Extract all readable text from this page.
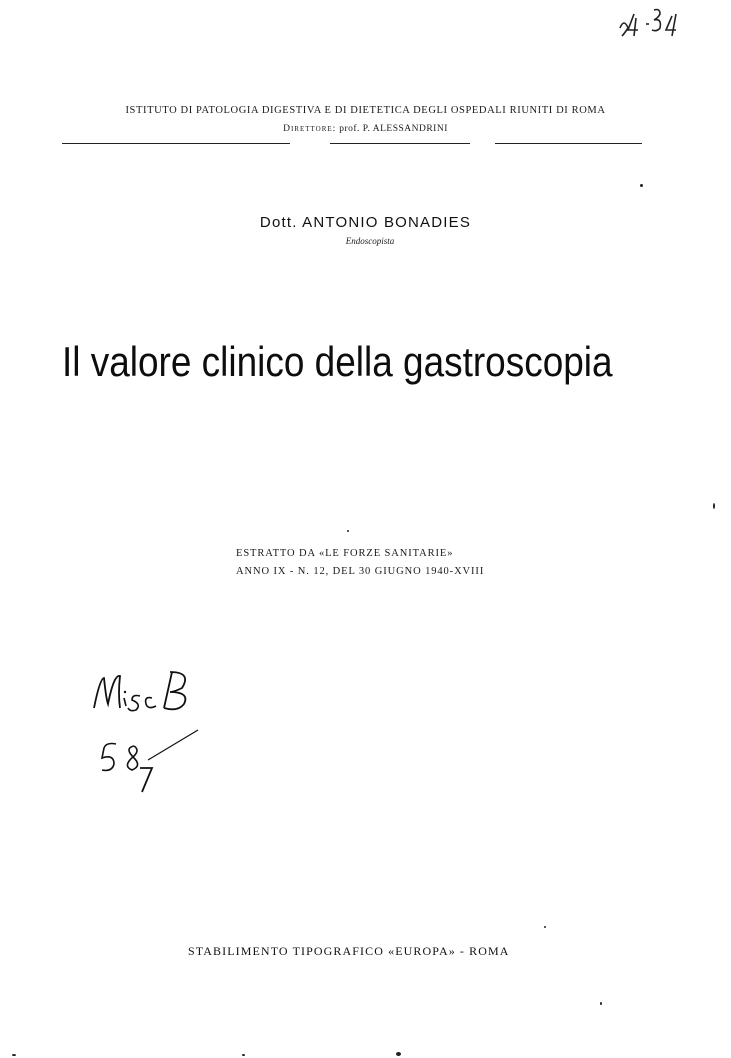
ISTITUTO DI PATOLOGIA DIGESTIVA E DI DIETETICA DEGLI OSPEDALI RIUNITI DI ROMA
Direttore: prof. P. ALESSANDRINI
Dott. ANTONIO BONADIES
Endoscopista
Il valore clinico della gastroscopia
ESTRATTO DA «LE FORZE SANITARIE»
ANNO IX - N. 12, DEL 30 GIUGNO 1940-XVIII
STABILIMENTO TIPOGRAFICO «EUROPA» - ROMA
